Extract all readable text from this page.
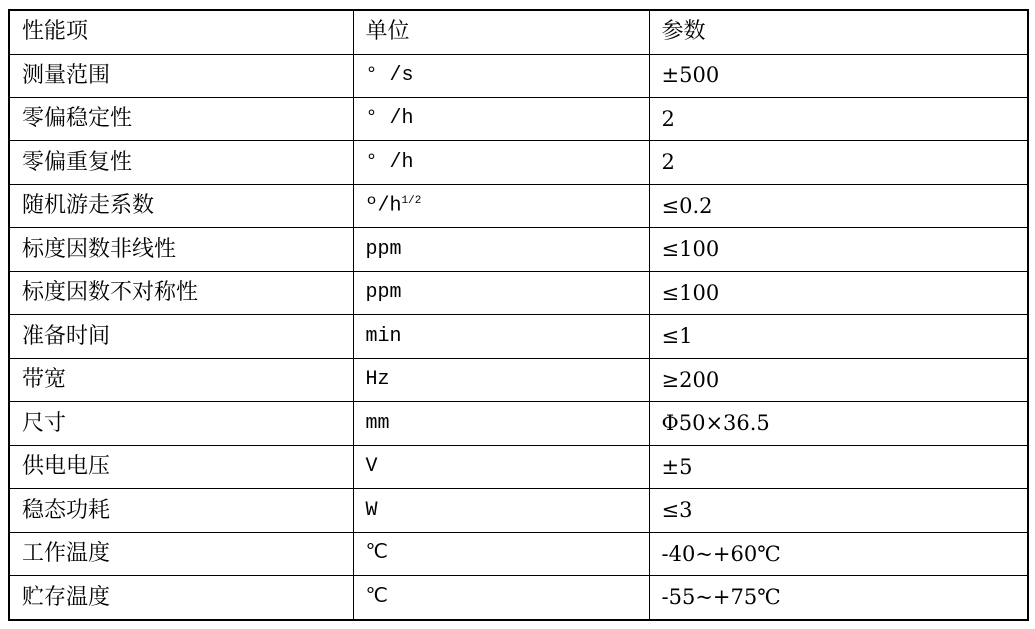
性能项	单位	参数
测量范围	° /s	±500
零偏稳定性	° /h	2
零偏重复性	° /h	2
随机游走系数	$º/h^{1/2}$	≤0.2
标度因数非线性	ppm	≤100
标度因数不对称性	ppm	≤100
准备时间	min	≤1
带宽	Hz	≥200
尺寸	mm	Φ50×36.5
供电电压	V	±5
稳态功耗	W	≤3
工作温度	℃	-40~+60℃
贮存温度	℃	-55~+75℃
